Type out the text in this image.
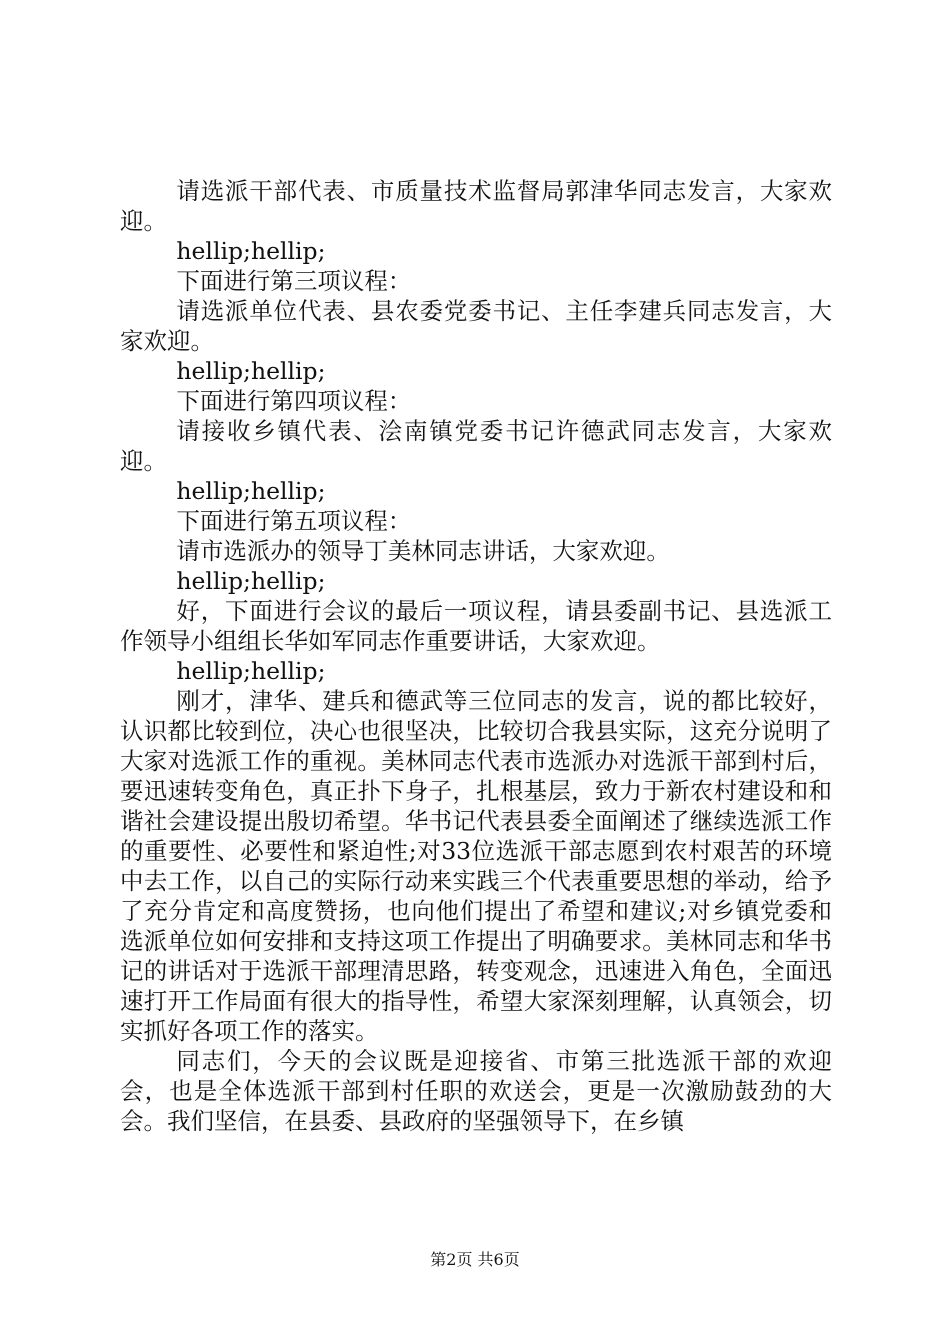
请选派干部代表、市质量技术监督局郭津华同志发言，大家欢迎。

hellip;hellip;

下面进行第三项议程：

请选派单位代表、县农委党委书记、主任李建兵同志发言，大家欢迎。

hellip;hellip;

下面进行第四项议程：

请接收乡镇代表、浍南镇党委书记许德武同志发言，大家欢迎。

hellip;hellip;

下面进行第五项议程：

请市选派办的领导丁美林同志讲话，大家欢迎。

hellip;hellip;

好，下面进行会议的最后一项议程，请县委副书记、县选派工作领导小组组长华如军同志作重要讲话，大家欢迎。

hellip;hellip;

刚才，津华、建兵和德武等三位同志的发言，说的都比较好，认识都比较到位，决心也很坚决，比较切合我县实际，这充分说明了大家对选派工作的重视。美林同志代表市选派办对选派干部到村后，要迅速转变角色，真正扑下身子，扎根基层，致力于新农村建设和和谐社会建设提出殷切希望。华书记代表县委全面阐述了继续选派工作的重要性、必要性和紧迫性;对33位选派干部志愿到农村艰苦的环境中去工作，以自己的实际行动来实践三个代表重要思想的举动，给予了充分肯定和高度赞扬，也向他们提出了希望和建议;对乡镇党委和选派单位如何安排和支持这项工作提出了明确要求。美林同志和华书记的讲话对于选派干部理清思路，转变观念，迅速进入角色，全面迅速打开工作局面有很大的指导性，希望大家深刻理解，认真领会，切实抓好各项工作的落实。

同志们，今天的会议既是迎接省、市第三批选派干部的欢迎会，也是全体选派干部到村任职的欢送会，更是一次激励鼓劲的大会。我们坚信，在县委、县政府的坚强领导下，在乡镇

第2页 共6页
